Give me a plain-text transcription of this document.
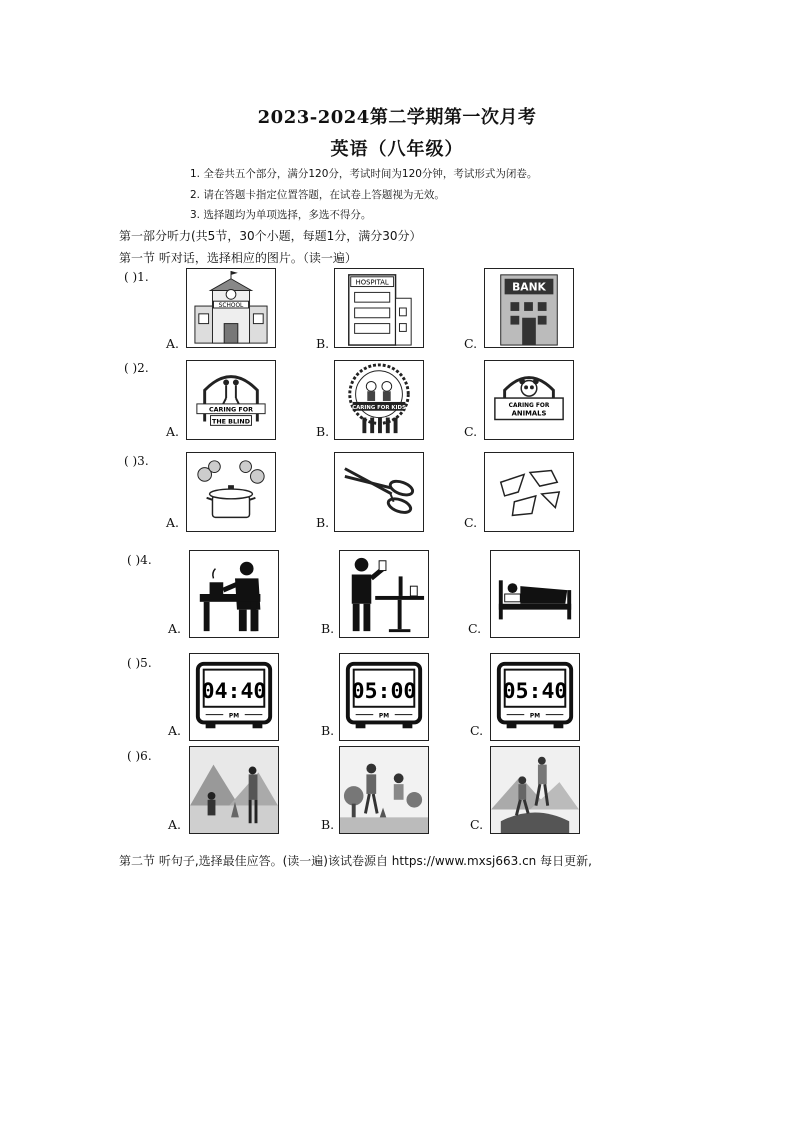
2023-2024第二学期第一次月考
英语（八年级）
1. 全卷共五个部分，满分120分，考试时间为120分钟，考试形式为闭卷。
2. 请在答题卡指定位置答题，在试卷上答题视为无效。
3. 选择题均为单项选择，多选不得分。
第一部分听力(共5节，30个小题，每题1分，满分30分）
第一节 听对话，选择相应的图片。（读一遍）
( )1.
A.	B.	C.
SCHOOL
HOSPITAL	BANK
( )2.
A.	B.	C.
CARING FOR
THE BLIND
CARING FOR KIDS	CARING FOR
ANIMALS
( )3.
A.	B.	C.
( )4.
A.	B.	C.
( )5.
A.	B.	C.
04:40
PM
05:00
PM
05:40
PM
( )6.
A.	B.	C.
第二节 听句子,选择最佳应答。(读一遍)该试卷源自 https://www.mxsj663.cn 每日更新,
